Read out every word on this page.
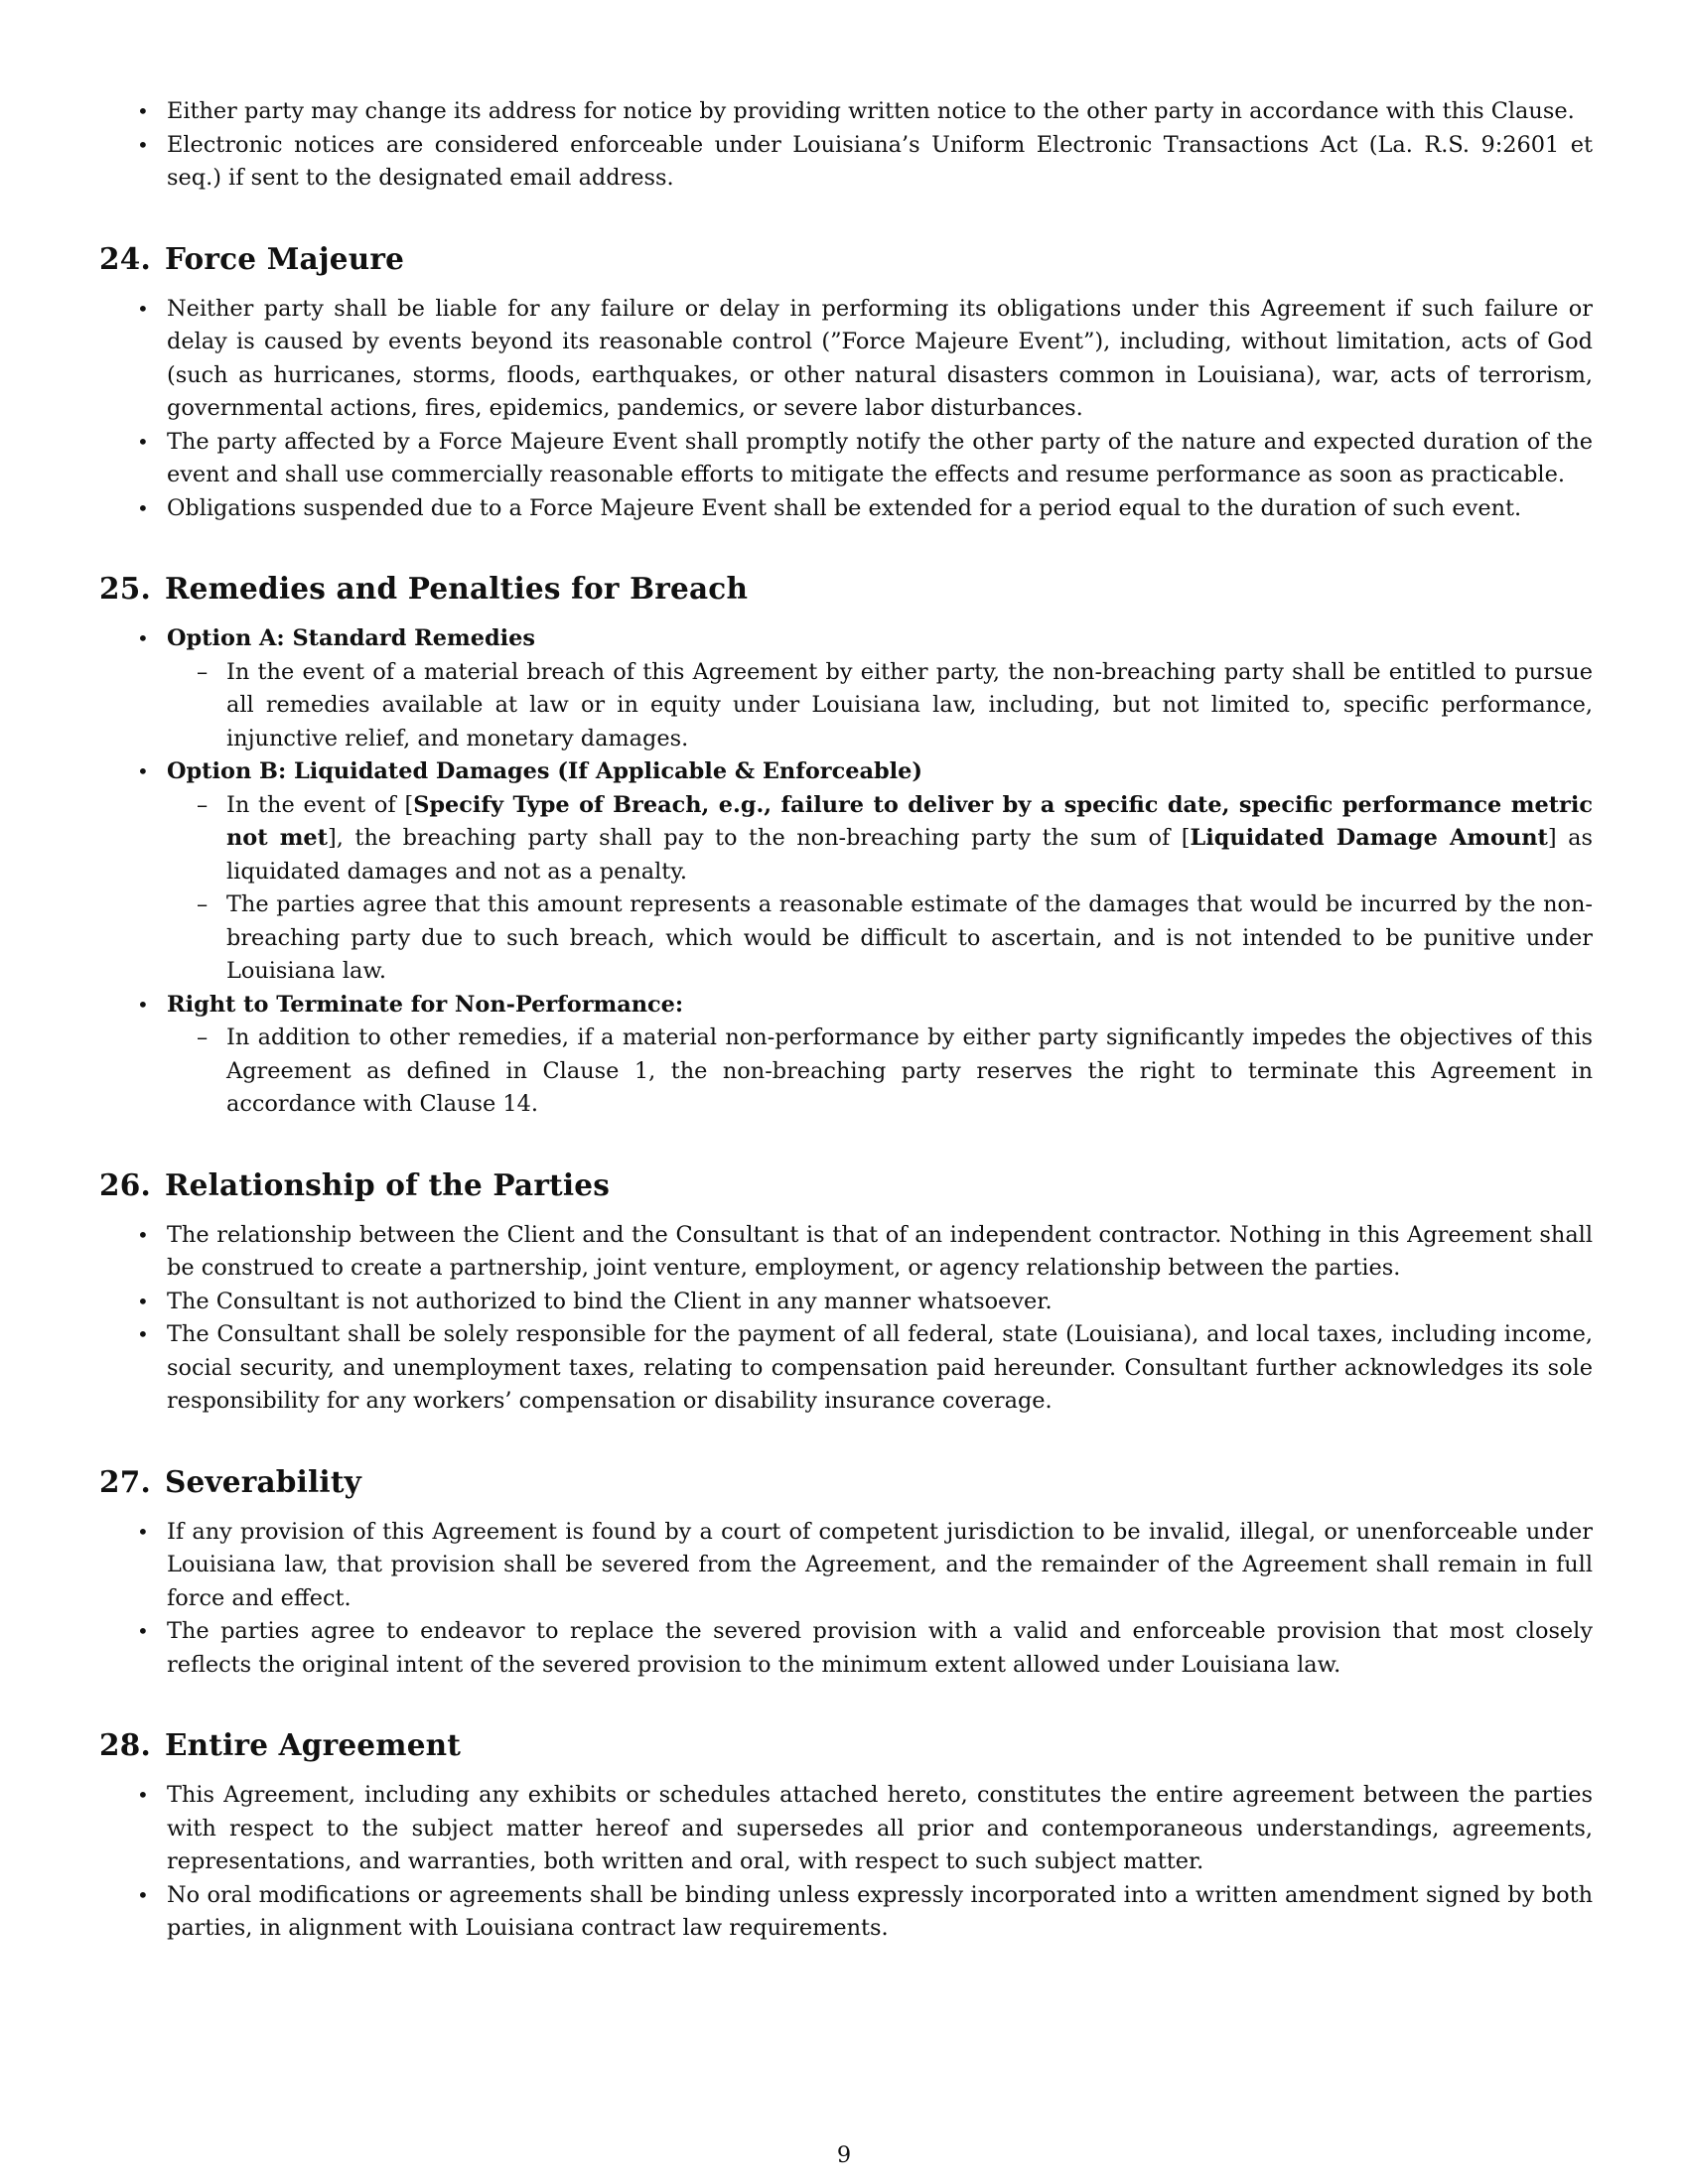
• Either party may change its address for notice by providing written notice to the other party in accordance with this Clause.
• Electronic notices are considered enforceable under Louisiana’s Uniform Electronic Transactions Act (La. R.S. 9:2601 et seq.) if sent to the designated email address.
24. Force Majeure
• Neither party shall be liable for any failure or delay in performing its obligations under this Agreement if such failure or delay is caused by events beyond its reasonable control (”Force Majeure Event”), including, without limitation, acts of God (such as hurricanes, storms, floods, earthquakes, or other natural disasters common in Louisiana), war, acts of terrorism, governmental actions, fires, epidemics, pandemics, or severe labor disturbances.
• The party affected by a Force Majeure Event shall promptly notify the other party of the nature and expected duration of the event and shall use commercially reasonable efforts to mitigate the effects and resume performance as soon as practicable.
• Obligations suspended due to a Force Majeure Event shall be extended for a period equal to the duration of such event.
25. Remedies and Penalties for Breach
• Option A: Standard Remedies
– In the event of a material breach of this Agreement by either party, the non-breaching party shall be entitled to pursue all remedies available at law or in equity under Louisiana law, including, but not limited to, specific performance, injunctive relief, and monetary damages.
• Option B: Liquidated Damages (If Applicable & Enforceable)
– In the event of [Specify Type of Breach, e.g., failure to deliver by a specific date, specific performance metric not met], the breaching party shall pay to the non-breaching party the sum of [Liquidated Damage Amount] as liquidated damages and not as a penalty.
– The parties agree that this amount represents a reasonable estimate of the damages that would be incurred by the non-breaching party due to such breach, which would be difficult to ascertain, and is not intended to be punitive under Louisiana law.
• Right to Terminate for Non-Performance:
– In addition to other remedies, if a material non-performance by either party significantly impedes the objectives of this Agreement as defined in Clause 1, the non-breaching party reserves the right to terminate this Agreement in accordance with Clause 14.
26. Relationship of the Parties
• The relationship between the Client and the Consultant is that of an independent contractor. Nothing in this Agreement shall be construed to create a partnership, joint venture, employment, or agency relationship between the parties.
• The Consultant is not authorized to bind the Client in any manner whatsoever.
• The Consultant shall be solely responsible for the payment of all federal, state (Louisiana), and local taxes, including income, social security, and unemployment taxes, relating to compensation paid hereunder. Consultant further acknowledges its sole responsibility for any workers’ compensation or disability insurance coverage.
27. Severability
• If any provision of this Agreement is found by a court of competent jurisdiction to be invalid, illegal, or unenforceable under Louisiana law, that provision shall be severed from the Agreement, and the remainder of the Agreement shall remain in full force and effect.
• The parties agree to endeavor to replace the severed provision with a valid and enforceable provision that most closely reflects the original intent of the severed provision to the minimum extent allowed under Louisiana law.
28. Entire Agreement
• This Agreement, including any exhibits or schedules attached hereto, constitutes the entire agreement between the parties with respect to the subject matter hereof and supersedes all prior and contemporaneous understandings, agreements, representations, and warranties, both written and oral, with respect to such subject matter.
• No oral modifications or agreements shall be binding unless expressly incorporated into a written amendment signed by both parties, in alignment with Louisiana contract law requirements.
9
